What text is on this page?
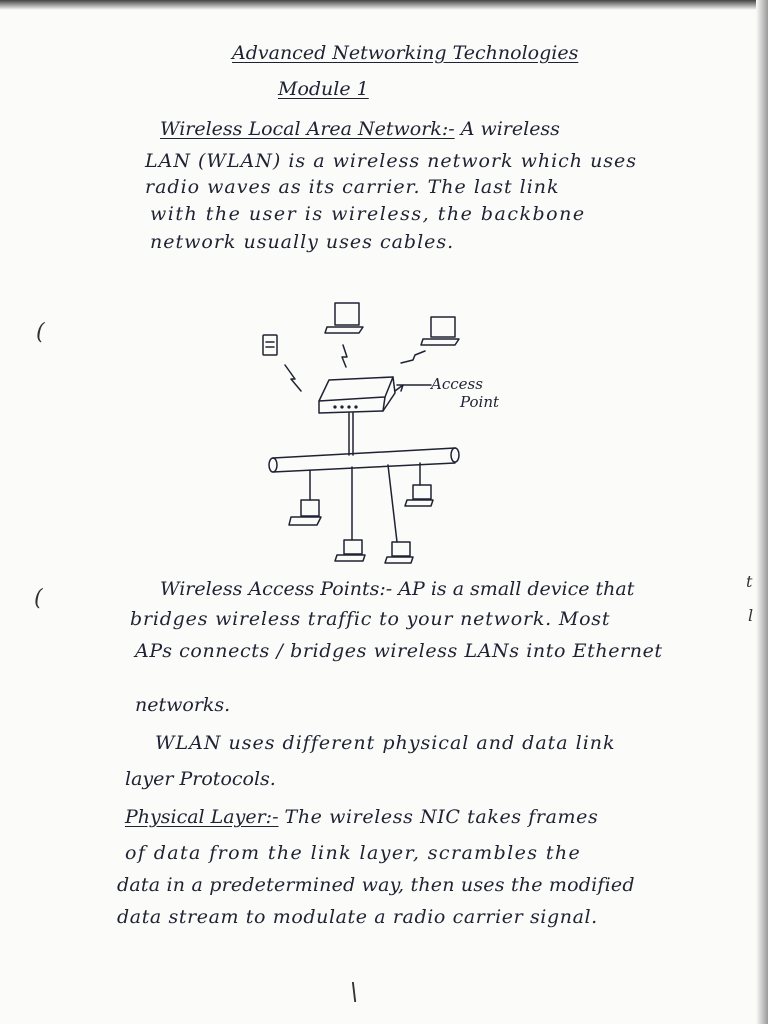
Advanced Networking Technologies
Module 1
Wireless Local Area Network:- A wireless
LAN (WLAN) is a wireless network which uses
radio waves as its carrier. The last link
with the user is wireless, the backbone
network usually uses cables.
(
(
t
l
\
Access
Point
Wireless Access Points:- AP is a small device that
bridges wireless traffic to your network. Most
APs connects / bridges wireless LANs into Ethernet
networks.
WLAN uses different physical and data link
layer Protocols.
Physical Layer:- The wireless NIC takes frames
of data from the link layer, scrambles the
data in a predetermined way, then uses the modified
data stream to modulate a radio carrier signal.
